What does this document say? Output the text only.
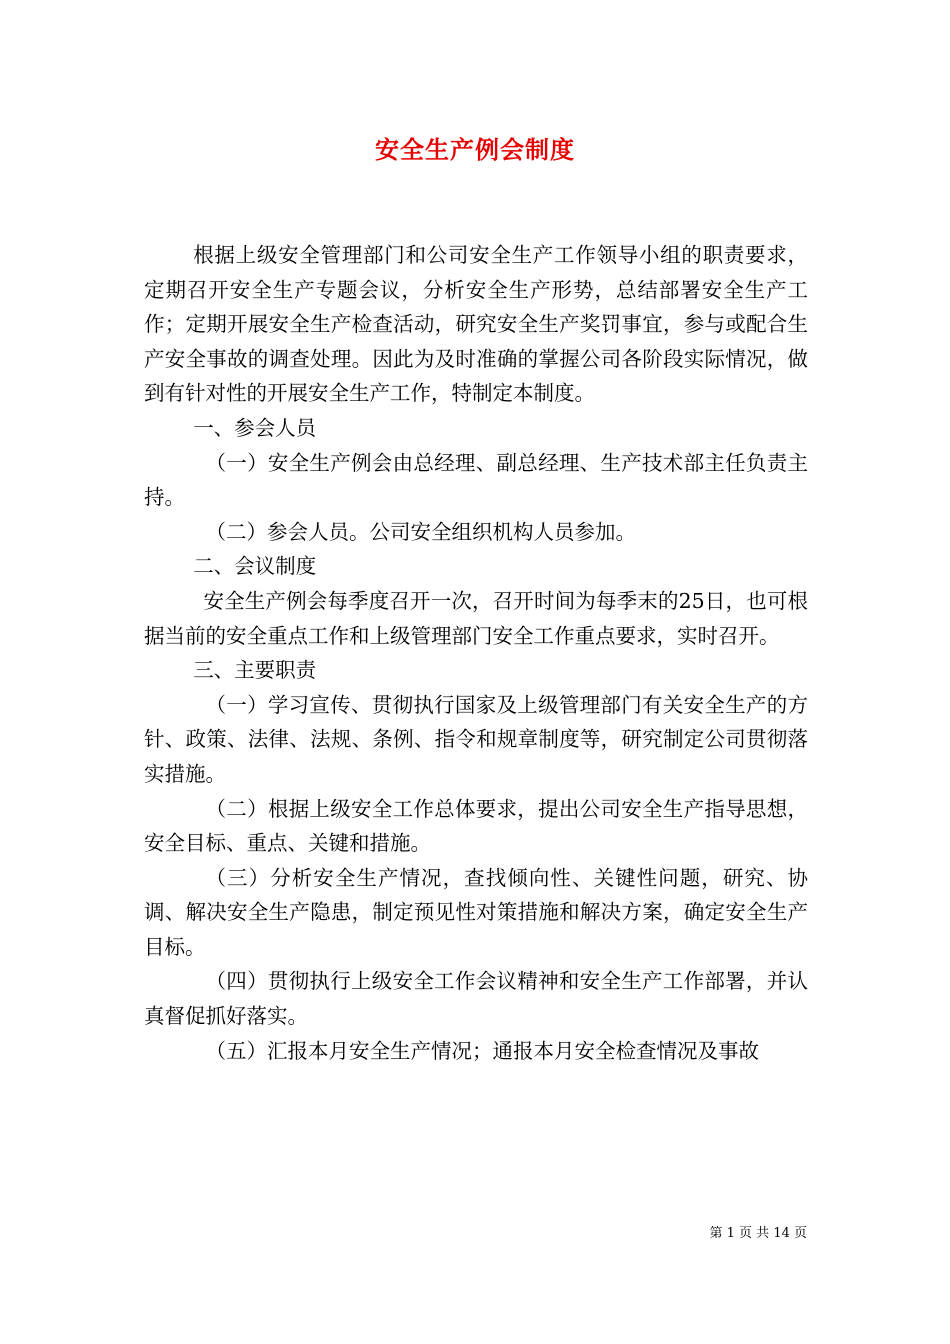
安全生产例会制度

根据上级安全管理部门和公司安全生产工作领导小组的职责要求，定期召开安全生产专题会议，分析安全生产形势，总结部署安全生产工作；定期开展安全生产检查活动，研究安全生产奖罚事宜，参与或配合生产安全事故的调查处理。因此为及时准确的掌握公司各阶段实际情况，做到有针对性的开展安全生产工作，特制定本制度。

一、参会人员

（一）安全生产例会由总经理、副总经理、生产技术部主任负责主持。

（二）参会人员。公司安全组织机构人员参加。

二、会议制度

安全生产例会每季度召开一次，召开时间为每季末的25日，也可根据当前的安全重点工作和上级管理部门安全工作重点要求，实时召开。

三、主要职责

（一）学习宣传、贯彻执行国家及上级管理部门有关安全生产的方针、政策、法律、法规、条例、指令和规章制度等，研究制定公司贯彻落实措施。

（二）根据上级安全工作总体要求，提出公司安全生产指导思想，安全目标、重点、关键和措施。

（三）分析安全生产情况，查找倾向性、关键性问题，研究、协调、解决安全生产隐患，制定预见性对策措施和解决方案，确定安全生产目标。

（四）贯彻执行上级安全工作会议精神和安全生产工作部署，并认真督促抓好落实。

（五）汇报本月安全生产情况；通报本月安全检查情况及事故

第 1 页 共 14 页
